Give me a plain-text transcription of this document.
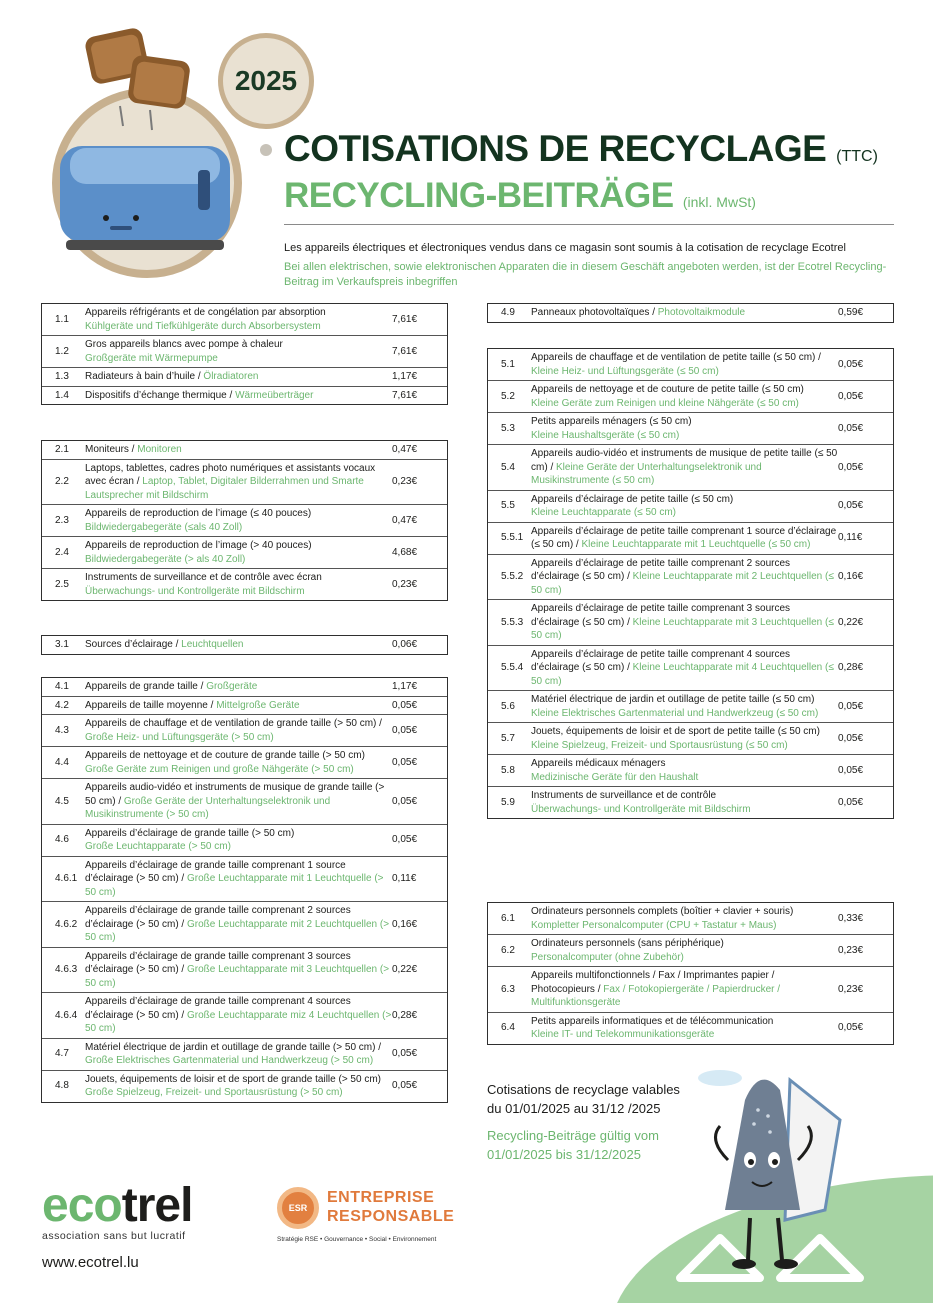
2025
COTISATIONS DE RECYCLAGE (TTC)
RECYCLING-BEITRÄGE (inkl. MwSt)
Les appareils électriques et électroniques vendus dans ce magasin sont soumis à la cotisation de recyclage Ecotrel
Bei allen elektrischen, sowie elektronischen Apparaten die in diesem Geschäft angeboten werden, ist der Ecotrel Recycling-Beitrag im Verkaufspreis inbegriffen
1.1
Appareils réfrigérants et de congélation par absorption
Kühlgeräte und Tiefkühlgeräte durch Absorbersystem
7,61€
1.2
Gros appareils blancs avec pompe à chaleur
Großgeräte mit Wärmepumpe
7,61€
1.3	Radiateurs à bain d’huile / Ölradiatoren	1,17€
1.4	Dispositifs d’échange thermique / Wärmeüberträger	7,61€
2.1	Moniteurs / Monitoren	0,47€
2.2
Laptops, tablettes, cadres photo numériques et assistants vocaux avec écran / Laptop, Tablet, Digitaler Bilderrahmen und Smarte Lautsprecher mit Bildschirm
0,23€
2.3
Appareils de reproduction de l’image (≤ 40 pouces)
Bildwiedergabegeräte (≤als 40 Zoll)
0,47€
2.4
Appareils de reproduction de l’image (> 40 pouces)
Bildwiedergabegeräte (> als 40 Zoll)
4,68€
2.5
Instruments de surveillance et de contrôle avec écran
Überwachungs- und Kontrollgeräte mit Bildschirm
0,23€
3.1	Sources d’éclairage / Leuchtquellen	0,06€
4.1	Appareils de grande taille / Großgeräte	1,17€
4.2	Appareils de taille moyenne / Mittelgroße Geräte	0,05€
4.3
Appareils de chauffage et de ventilation de grande taille (> 50 cm) / Große Heiz- und Lüftungsgeräte (> 50 cm)
0,05€
4.4
Appareils de nettoyage et de couture de grande taille (> 50 cm)
Große Geräte zum Reinigen und große Nähgeräte (> 50 cm)
0,05€
4.5
Appareils audio-vidéo et instruments de musique de grande taille (> 50 cm) / Große Geräte der Unterhaltungselektronik und Musikinstrumente (> 50 cm)
0,05€
4.6
Appareils d’éclairage de grande taille (> 50 cm)
Große Leuchtapparate (> 50 cm)
0,05€
4.6.1
Appareils d’éclairage de grande taille comprenant 1 source d’éclairage (> 50 cm) / Große Leuchtapparate mit 1 Leuchtquelle (> 50 cm)
0,11€
4.6.2
Appareils d’éclairage de grande taille comprenant 2 sources d’éclairage (> 50 cm) / Große Leuchtapparate mit 2 Leuchtquellen (> 50 cm)
0,16€
4.6.3
Appareils d’éclairage de grande taille comprenant 3 sources d’éclairage (> 50 cm) / Große Leuchtapparate mit 3 Leuchtquellen (> 50 cm)
0,22€
4.6.4
Appareils d’éclairage de grande taille comprenant 4 sources d’éclairage (> 50 cm) / Große Leuchtapparate miz 4 Leuchtquellen (> 50 cm)
0,28€
4.7
Matériel électrique de jardin et outillage de grande taille (> 50 cm) / Große Elektrisches Gartenmaterial und Handwerkzeug (> 50 cm)
0,05€
4.8
Jouets, équipements de loisir et de sport de grande taille (> 50 cm)
Große Spielzeug, Freizeit- und Sportausrüstung (> 50 cm)
0,05€
4.9	Panneaux photovoltaïques / Photovoltaikmodule	0,59€
5.1
Appareils de chauffage et de ventilation de petite taille (≤ 50 cm) / Kleine Heiz- und Lüftungsgeräte (≤ 50 cm)
0,05€
5.2
Appareils de nettoyage et de couture de petite taille (≤ 50 cm)
Kleine Geräte zum Reinigen und kleine Nähgeräte (≤ 50 cm)
0,05€
5.3
Petits appareils ménagers (≤ 50 cm)
Kleine Haushaltsgeräte (≤ 50 cm)
0,05€
5.4
Appareils audio-vidéo et instruments de musique de petite taille (≤ 50 cm) / Kleine Geräte der Unterhaltungselektronik und Musikinstrumente (≤ 50 cm)
0,05€
5.5
Appareils d’éclairage de petite taille (≤ 50 cm)
Kleine Leuchtapparate (≤ 50 cm)
0,05€
5.5.1
Appareils d’éclairage de petite taille comprenant 1 source d’éclairage (≤ 50 cm) / Kleine Leuchtapparate mit 1 Leuchtquelle (≤ 50 cm)
0,11€
5.5.2
Appareils d’éclairage de petite taille comprenant 2 sources d’éclairage (≤ 50 cm) / Kleine Leuchtapparate mit 2 Leuchtquellen (≤ 50 cm)
0,16€
5.5.3
Appareils d’éclairage de petite taille comprenant 3 sources d’éclairage (≤ 50 cm) / Kleine Leuchtapparate mit 3 Leuchtquellen (≤ 50 cm)
0,22€
5.5.4
Appareils d’éclairage de petite taille comprenant 4 sources d’éclairage (≤ 50 cm) / Kleine Leuchtapparate mit 4 Leuchtquellen (≤ 50 cm)
0,28€
5.6
Matériel électrique de jardin et outillage de petite taille (≤ 50 cm)
Kleine Elektrisches Gartenmaterial und Handwerkzeug (≤ 50 cm)
0,05€
5.7
Jouets, équipements de loisir et de sport de petite taille (≤ 50 cm)
Kleine Spielzeug, Freizeit- und Sportausrüstung (≤ 50 cm)
0,05€
5.8
Appareils médicaux ménagers
Medizinische Geräte für den Haushalt
0,05€
5.9
Instruments de surveillance et de contrôle
Überwachungs- und Kontrollgeräte mit Bildschirm
0,05€
6.1
Ordinateurs personnels complets (boîtier + clavier + souris)
Kompletter Personalcomputer (CPU + Tastatur + Maus)
0,33€
6.2
Ordinateurs personnels (sans périphérique)
Personalcomputer (ohne Zubehör)
0,23€
6.3
Appareils multifonctionnels / Fax / Imprimantes papier / Photocopieurs / Fax / Fotokopiergeräte / Papierdrucker / Multifunktionsgeräte
0,23€
6.4
Petits appareils informatiques et de télécommunication
Kleine IT- und Telekommunikationsgeräte
0,05€
Cotisations de recyclage valables
du 01/01/2025 au 31/12 /2025
Recycling-Beiträge gültig vom
01/01/2025 bis 31/12/2025
ecotrel
association sans but lucratif
www.ecotrel.lu
ESR
ENTREPRISE
RESPONSABLE
Stratégie RSE • Gouvernance • Social • Environnement
